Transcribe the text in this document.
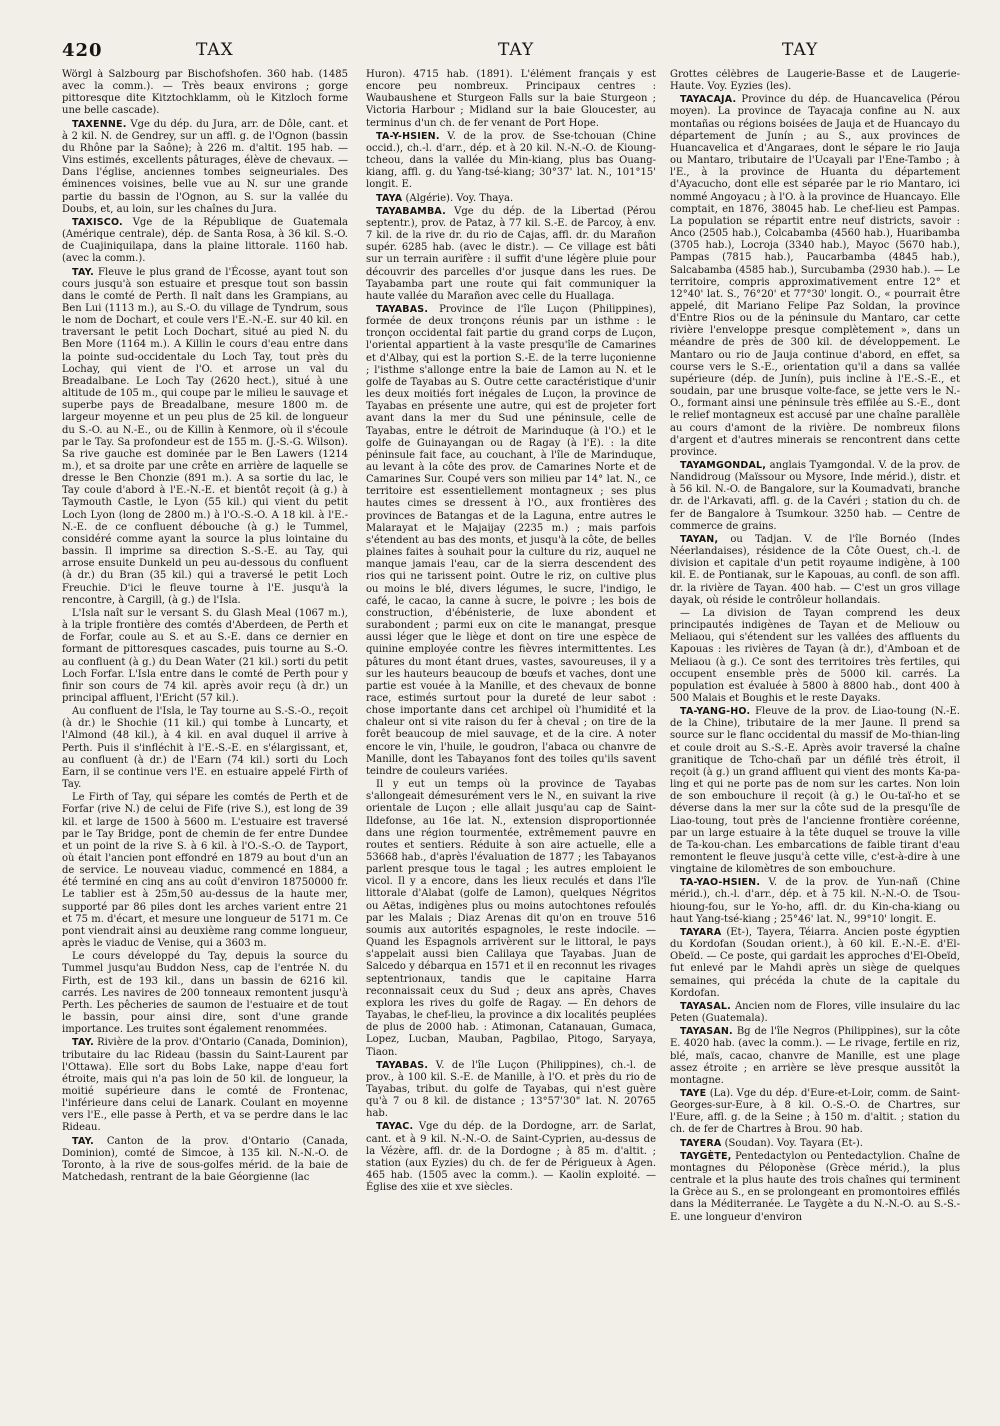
420	TAX	TAY	TAY

Wörgl à Salzbourg par Bischofshofen. 360 hab. (1485 avec la comm.). — Très beaux environs ; gorge pittoresque dite Kitztochklamm, où le Kitzloch forme une belle cascade).

TAXENNE. Vge du dép. du Jura, arr. de Dôle, cant. et à 2 kil. N. de Gendrey, sur un affl. g. de l'Ognon (bassin du Rhône par la Saône); à 226 m. d'altit. 195 hab. — Vins estimés, excellents pâturages, élève de chevaux. — Dans l'église, anciennes tombes seigneuriales. Des éminences voisines, belle vue au N. sur une grande partie du bassin de l'Ognon, au S. sur la vallée du Doubs, et, au loin, sur les chaînes du Jura.

TAXISCO. Vge de la République de Guatemala (Amérique centrale), dép. de Santa Rosa, à 36 kil. S.-O. de Cuajiniquilapa, dans la plaine littorale. 1160 hab. (avec la comm.).

TAY. Fleuve le plus grand de l'Écosse, ayant tout son cours jusqu'à son estuaire et presque tout son bassin dans le comté de Perth. Il naît dans les Grampians, au Ben Lui (1113 m.), au S.-O. du village de Tyndrum, sous le nom de Dochart, et coule vers l'E.-N.-E. sur 40 kil. en traversant le petit Loch Dochart, situé au pied N. du Ben More (1164 m.). A Killin le cours d'eau entre dans la pointe sud-occidentale du Loch Tay, tout près du Lochay, qui vient de l'O. et arrose un val du Breadalbane. Le Loch Tay (2620 hect.), situé à une altitude de 105 m., qui coupe par le milieu le sauvage et superbe pays de Breadalbane, mesure 1800 m. de largeur moyenne et un peu plus de 25 kil. de longueur du S.-O. au N.-E., ou de Killin à Kenmore, où il s'écoule par le Tay. Sa profondeur est de 155 m. (J.-S.-G. Wilson). Sa rive gauche est dominée par le Ben Lawers (1214 m.), et sa droite par une crête en arrière de laquelle se dresse le Ben Chonzie (891 m.). A sa sortie du lac, le Tay coule d'abord à l'E.-N.-E. et bientôt reçoit (à g.) à Taymouth Castle, le Lyon (55 kil.) qui vient du petit Loch Lyon (long de 2800 m.) à l'O.-S.-O. A 18 kil. à l'E.-N.-E. de ce confluent débouche (à g.) le Tummel, considéré comme ayant la source la plus lointaine du bassin. Il imprime sa direction S.-S.-E. au Tay, qui arrose ensuite Dunkeld un peu au-dessous du confluent (à dr.) du Bran (35 kil.) qui a traversé le petit Loch Freuchie. D'ici le fleuve tourne à l'E. jusqu'à la rencontre, à Cargill, (à g.) de l'Isla.

L'Isla naît sur le versant S. du Glash Meal (1067 m.), à la triple frontière des comtés d'Aberdeen, de Perth et de Forfar, coule au S. et au S.-E. dans ce dernier en formant de pittoresques cascades, puis tourne au S.-O. au confluent (à g.) du Dean Water (21 kil.) sorti du petit Loch Forfar. L'Isla entre dans le comté de Perth pour y finir son cours de 74 kil. après avoir reçu (à dr.) un principal affluent, l'Ericht (57 kil.).

Au confluent de l'Isla, le Tay tourne au S.-S.-O., reçoit (à dr.) le Shochie (11 kil.) qui tombe à Luncarty, et l'Almond (48 kil.), à 4 kil. en aval duquel il arrive à Perth. Puis il s'infléchit à l'E.-S.-E. en s'élargissant, et, au confluent (à dr.) de l'Earn (74 kil.) sorti du Loch Earn, il se continue vers l'E. en estuaire appelé Firth of Tay.

Le Firth of Tay, qui sépare les comtés de Perth et de Forfar (rive N.) de celui de Fife (rive S.), est long de 39 kil. et large de 1500 à 5600 m. L'estuaire est traversé par le Tay Bridge, pont de chemin de fer entre Dundee et un point de la rive S. à 6 kil. à l'O.-S.-O. de Tayport, où était l'ancien pont effondré en 1879 au bout d'un an de service. Le nouveau viaduc, commencé en 1884, a été terminé en cinq ans au coût d'environ 18750000 fr. Le tablier est à 25m,50 au-dessus de la haute mer, supporté par 86 piles dont les arches varient entre 21 et 75 m. d'écart, et mesure une longueur de 5171 m. Ce pont viendrait ainsi au deuxième rang comme longueur, après le viaduc de Venise, qui a 3603 m.

Le cours développé du Tay, depuis la source du Tummel jusqu'au Buddon Ness, cap de l'entrée N. du Firth, est de 193 kil., dans un bassin de 6216 kil. carrés. Les navires de 200 tonneaux remontent jusqu'à Perth. Les pêcheries de saumon de l'estuaire et de tout le bassin, pour ainsi dire, sont d'une grande importance. Les truites sont également renommées.

TAY. Rivière de la prov. d'Ontario (Canada, Dominion), tributaire du lac Rideau (bassin du Saint-Laurent par l'Ottawa). Elle sort du Bobs Lake, nappe d'eau fort étroite, mais qui n'a pas loin de 50 kil. de longueur, la moitié supérieure dans le comté de Frontenac, l'inférieure dans celui de Lanark. Coulant en moyenne vers l'E., elle passe à Perth, et va se perdre dans le lac Rideau.

TAY. Canton de la prov. d'Ontario (Canada, Dominion), comté de Simcoe, à 135 kil. N.-N.-O. de Toronto, à la rive de sous-golfes mérid. de la baie de Matchedash, rentrant de la baie Géorgienne (lac

Huron). 4715 hab. (1891). L'élément français y est encore peu nombreux. Principaux centres : Waubaushene et Sturgeon Falls sur la baie Sturgeon ; Victoria Harbour ; Midland sur la baie Gloucester, au terminus d'un ch. de fer venant de Port Hope.

TA-Y-HSIEN. V. de la prov. de Sse-tchouan (Chine occid.), ch.-l. d'arr., dép. et à 20 kil. N.-N.-O. de Kioung-tcheou, dans la vallée du Min-kiang, plus bas Ouang-kiang, affl. g. du Yang-tsé-kiang; 30°37' lat. N., 101°15' longit. E.

TAYA (Algérie). Voy. Thaya.

TAYABAMBA. Vge du dép. de la Libertad (Pérou septentr.), prov. de Pataz, à 77 kil. S.-E. de Parcoy, à env. 7 kil. de la rive dr. du rio de Cajas, affl. dr. du Marañon supér. 6285 hab. (avec le distr.). — Ce village est bâti sur un terrain aurifère : il suffit d'une légère pluie pour découvrir des parcelles d'or jusque dans les rues. De Tayabamba part une route qui fait communiquer la haute vallée du Marañon avec celle du Huallaga.

TAYABAS. Province de l'île Luçon (Philippines), formée de deux tronçons réunis par un isthme : le tronçon occidental fait partie du grand corps de Luçon, l'oriental appartient à la vaste presqu'île de Camarines et d'Albay, qui est la portion S.-E. de la terre luçonienne ; l'isthme s'allonge entre la baie de Lamon au N. et le golfe de Tayabas au S. Outre cette caractéristique d'unir les deux moitiés fort inégales de Luçon, la province de Tayabas en présente une autre, qui est de projeter fort avant dans la mer du Sud une péninsule, celle de Tayabas, entre le détroit de Marinduque (à l'O.) et le golfe de Guinayangan ou de Ragay (à l'E). : la dite péninsule fait face, au couchant, à l'île de Marinduque, au levant à la côte des prov. de Camarines Norte et de Camarines Sur. Coupé vers son milieu par 14° lat. N., ce territoire est essentiellement montagneux ; ses plus hautes cimes se dressent à l'O., aux frontières des provinces de Batangas et de la Laguna, entre autres le Malarayat et le Majaijay (2235 m.) ; mais parfois s'étendent au bas des monts, et jusqu'à la côte, de belles plaines faites à souhait pour la culture du riz, auquel ne manque jamais l'eau, car de la sierra descendent des rios qui ne tarissent point. Outre le riz, on cultive plus ou moins le blé, divers légumes, le sucre, l'indigo, le café, le cacao, la canne à sucre, le poivre ; les bois de construction, d'ébénisterie, de luxe abondent et surabondent ; parmi eux on cite le manangat, presque aussi léger que le liège et dont on tire une espèce de quinine employée contre les fièvres intermittentes. Les pâtures du mont étant drues, vastes, savoureuses, il y a sur les hauteurs beaucoup de bœufs et vaches, dont une partie est vouée à la Manille, et des chevaux de bonne race, estimés surtout pour la dureté de leur sabot : chose importante dans cet archipel où l'humidité et la chaleur ont si vite raison du fer à cheval ; on tire de la forêt beaucoup de miel sauvage, et de la cire. A noter encore le vin, l'huile, le goudron, l'abaca ou chanvre de Manille, dont les Tabayanos font des toiles qu'ils savent teindre de couleurs variées.

Il y eut un temps où la province de Tayabas s'allongeait démesurément vers le N., en suivant la rive orientale de Luçon ; elle allait jusqu'au cap de Saint-Ildefonse, au 16e lat. N., extension disproportionnée dans une région tourmentée, extrêmement pauvre en routes et sentiers. Réduite à son aire actuelle, elle a 53668 hab., d'après l'évaluation de 1877 ; les Tabayanos parlent presque tous le tagal ; les autres emploient le vicol. Il y a encore, dans les lieux reculés et dans l'île littorale d'Alabat (golfe de Lamon), quelques Négritos ou Aëtas, indigènes plus ou moins autochtones refoulés par les Malais ; Diaz Arenas dit qu'on en trouve 516 soumis aux autorités espagnoles, le reste indocile. — Quand les Espagnols arrivèrent sur le littoral, le pays s'appelait aussi bien Calilaya que Tayabas. Juan de Salcedo y débarqua en 1571 et il en reconnut les rivages septentrionaux, tandis que le capitaine Harra reconnaissait ceux du Sud ; deux ans après, Chaves explora les rives du golfe de Ragay. — En dehors de Tayabas, le chef-lieu, la province a dix localités peuplées de plus de 2000 hab. : Atimonan, Catanauan, Gumaca, Lopez, Lucban, Mauban, Pagbilao, Pitogo, Saryaya, Tiaon.

TAYABAS. V. de l'île Luçon (Philippines), ch.-l. de prov., à 100 kil. S.-E. de Manille, à l'O. et près du rio de Tayabas, tribut. du golfe de Tayabas, qui n'est guère qu'à 7 ou 8 kil. de distance ; 13°57'30" lat. N. 20765 hab.

TAYAC. Vge du dép. de la Dordogne, arr. de Sarlat, cant. et à 9 kil. N.-N.-O. de Saint-Cyprien, au-dessus de la Vézère, affl. dr. de la Dordogne ; à 85 m. d'altit. ; station (aux Eyzies) du ch. de fer de Périgueux à Agen. 465 hab. (1505 avec la comm.). — Kaolin exploité. — Église des xiie et xve siècles.

Grottes célèbres de Laugerie-Basse et de Laugerie-Haute. Voy. Eyzies (les).

TAYACAJA. Province du dép. de Huancavelica (Pérou moyen). La province de Tayacaja confine au N. aux montañas ou régions boisées de Jauja et de Huancayo du département de Junín ; au S., aux provinces de Huancavelica et d'Angaraes, dont le sépare le rio Jauja ou Mantaro, tributaire de l'Ucayali par l'Ene-Tambo ; à l'E., à la province de Huanta du département d'Ayacucho, dont elle est séparée par le rio Mantaro, ici nommé Angoyacu ; à l'O. à la province de Huancayo. Elle comptait, en 1876, 38045 hab. Le chef-lieu est Pampas. La population se répartit entre neuf districts, savoir : Anco (2505 hab.), Colcabamba (4560 hab.), Huaribamba (3705 hab.), Locroja (3340 hab.), Mayoc (5670 hab.), Pampas (7815 hab.), Paucarbamba (4845 hab.), Salcabamba (4585 hab.), Surcubamba (2930 hab.). — Le territoire, compris approximativement entre 12° et 12°40' lat. S., 76°20' et 77°30' longit. O., « pourrait être appelé, dit Mariano Felipe Paz Soldan, la province d'Entre Rios ou de la péninsule du Mantaro, car cette rivière l'enveloppe presque complètement », dans un méandre de près de 300 kil. de développement. Le Mantaro ou rio de Jauja continue d'abord, en effet, sa course vers le S.-E., orientation qu'il a dans sa vallée supérieure (dép. de Junín), puis incline à l'E.-S.-E., et soudain, par une brusque volte-face, se jette vers le N.-O., formant ainsi une péninsule très effilée au S.-E., dont le relief montagneux est accusé par une chaîne parallèle au cours d'amont de la rivière. De nombreux filons d'argent et d'autres minerais se rencontrent dans cette province.

TAYAMGONDAL, anglais Tyamgondal. V. de la prov. de Nandidroug (Maïssour ou Mysore, Inde mérid.), distr. et à 56 kil. N.-O. de Bangalore, sur la Koumadvati, branche dr. de l'Arkavati, affl. g. de la Cavéri ; station du ch. de fer de Bangalore à Tsumkour. 3250 hab. — Centre de commerce de grains.

TAYAN, ou Tadjan. V. de l'île Bornéo (Indes Néerlandaises), résidence de la Côte Ouest, ch.-l. de division et capitale d'un petit royaume indigène, à 100 kil. E. de Pontianak, sur le Kapouas, au confl. de son affl. dr. la rivière de Tayan. 400 hab. — C'est un gros village dayak, où réside le contrôleur hollandais.

— La division de Tayan comprend les deux principautés indigènes de Tayan et de Meliouw ou Meliaou, qui s'étendent sur les vallées des affluents du Kapouas : les rivières de Tayan (à dr.), d'Amboan et de Meliaou (à g.). Ce sont des territoires très fertiles, qui occupent ensemble près de 5000 kil. carrés. La population est évaluée à 5800 à 8800 hab., dont 400 à 500 Malais et Boughis et le reste Dayaks.

TA-YANG-HO. Fleuve de la prov. de Liao-toung (N.-E. de la Chine), tributaire de la mer Jaune. Il prend sa source sur le flanc occidental du massif de Mo-thian-ling et coule droit au S.-S.-E. Après avoir traversé la chaîne granitique de Tcho-chañ par un défilé très étroit, il reçoit (à g.) un grand affluent qui vient des monts Ka-pa-ling et qui ne porte pas de nom sur les cartes. Non loin de son embouchure il reçoit (à g.) le Ou-taï-ho et se déverse dans la mer sur la côte sud de la presqu'île de Liao-toung, tout près de l'ancienne frontière coréenne, par un large estuaire à la tête duquel se trouve la ville de Ta-kou-chan. Les embarcations de faible tirant d'eau remontent le fleuve jusqu'à cette ville, c'est-à-dire à une vingtaine de kilomètres de son embouchure.

TA-YAO-HSIEN. V. de la prov. de Yun-nañ (Chine mérid.), ch.-l. d'arr., dép. et à 75 kil. N.-N.-O. de Tsou-hioung-fou, sur le Yo-ho, affl. dr. du Kin-cha-kiang ou haut Yang-tsé-kiang ; 25°46' lat. N., 99°10' longit. E.

TAYARA (Et-), Tayera, Téiarra. Ancien poste égyptien du Kordofan (Soudan orient.), à 60 kil. E.-N.-E. d'El-Obeïd. — Ce poste, qui gardait les approches d'El-Obeïd, fut enlevé par le Mahdi après un siège de quelques semaines, qui précéda la chute de la capitale du Kordofan.

TAYASAL. Ancien nom de Flores, ville insulaire du lac Peten (Guatemala).

TAYASAN. Bg de l'île Negros (Philippines), sur la côte E. 4020 hab. (avec la comm.). — Le rivage, fertile en riz, blé, maïs, cacao, chanvre de Manille, est une plage assez étroite ; en arrière se lève presque aussitôt la montagne.

TAYE (La). Vge du dép. d'Eure-et-Loir, comm. de Saint-Georges-sur-Eure, à 8 kil. O.-S.-O. de Chartres, sur l'Eure, affl. g. de la Seine ; à 150 m. d'altit. ; station du ch. de fer de Chartres à Brou. 90 hab.

TAYERA (Soudan). Voy. Tayara (Et-).

TAYGÈTE, Pentedactylon ou Pentedactylion. Chaîne de montagnes du Péloponèse (Grèce mérid.), la plus centrale et la plus haute des trois chaînes qui terminent la Grèce au S., en se prolongeant en promontoires effilés dans la Méditerranée. Le Taygète a du N.-N.-O. au S.-S.-E. une longueur d'environ
